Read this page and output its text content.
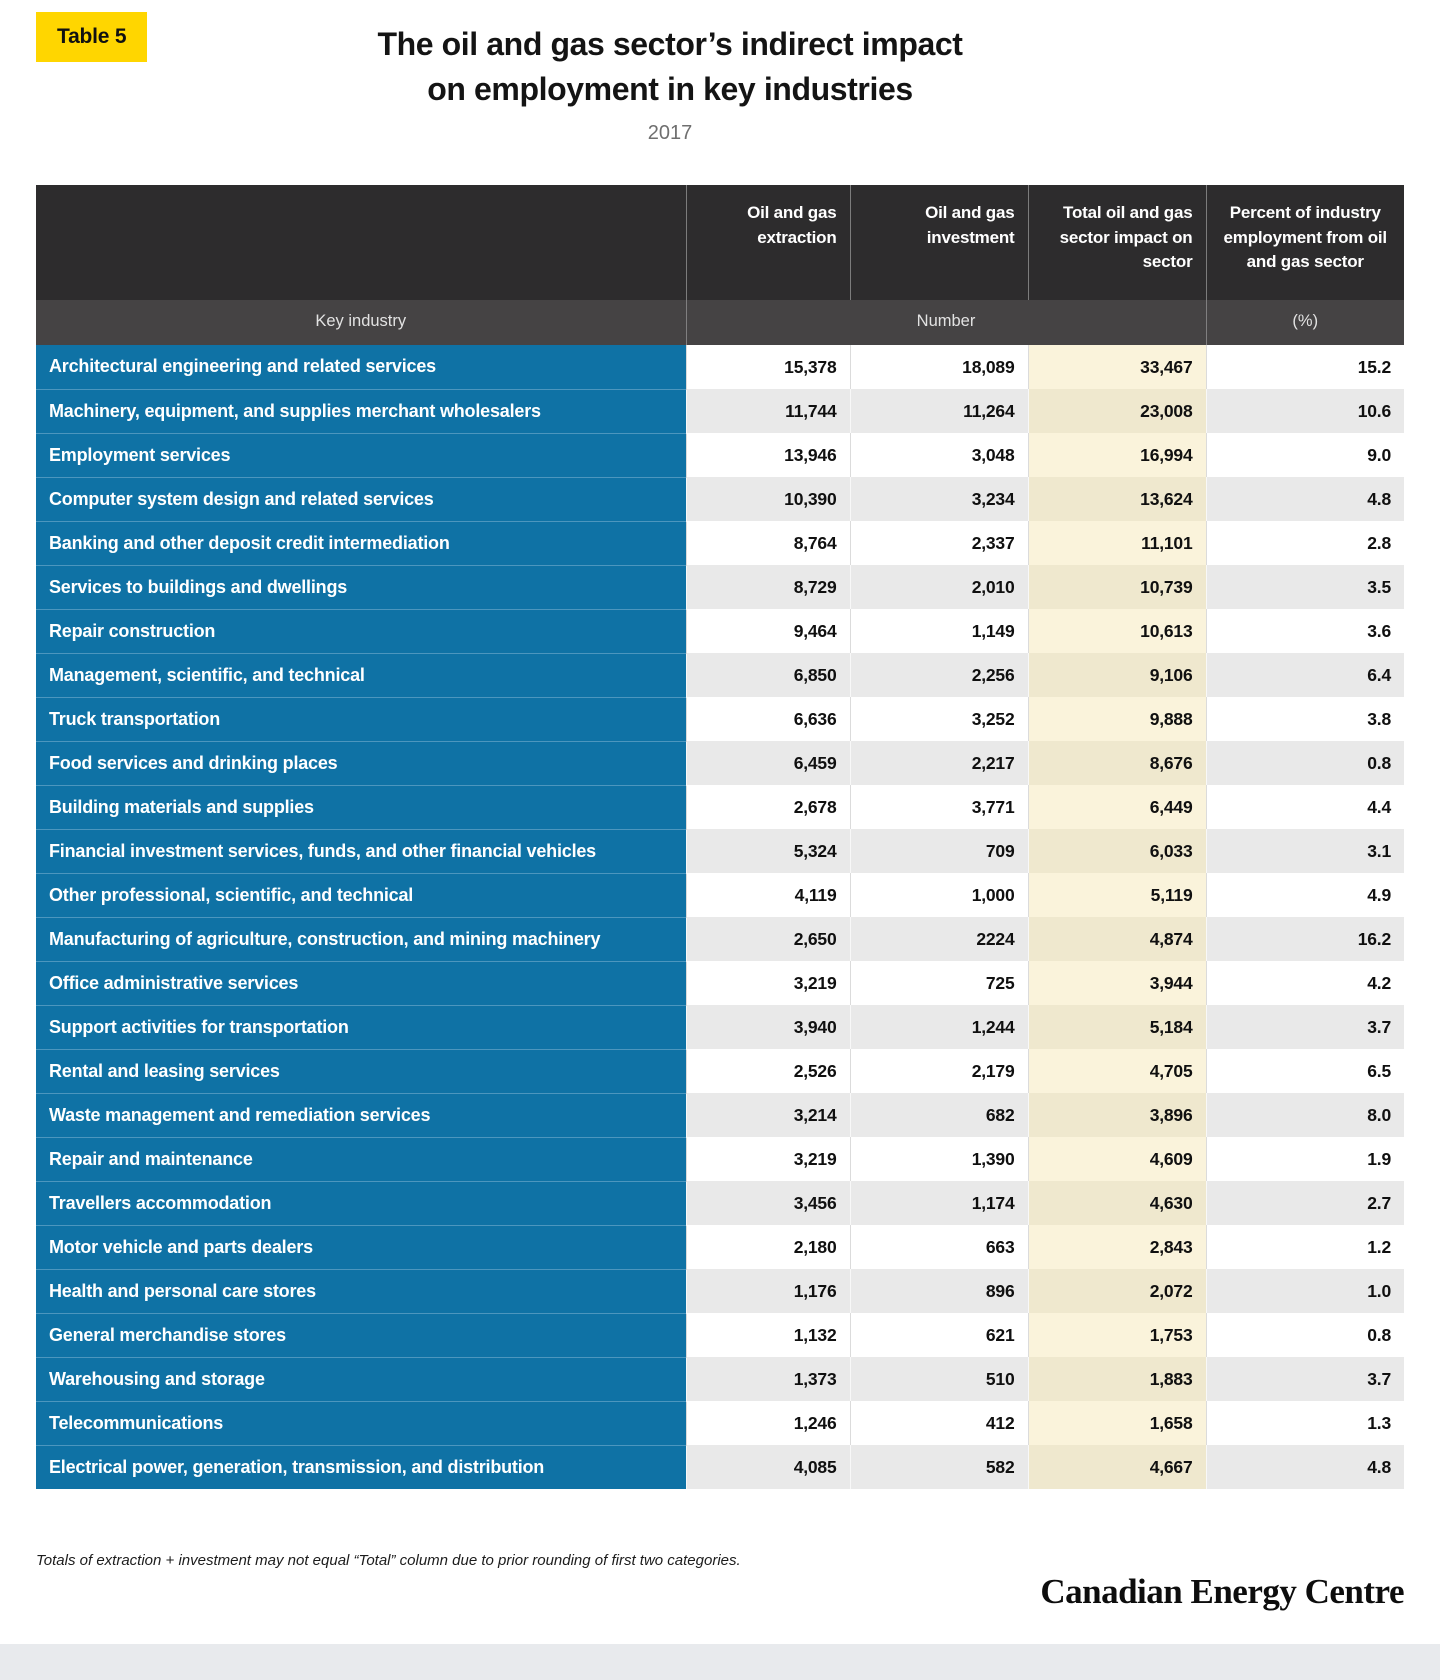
Table 5	The oil and gas sector’s indirect impact
on employment in key industries
2017
	Oil and gas extraction	Oil and gas investment	Total oil and gas sector impact on sector	Percent of industry employment from oil and gas sector
Key industry	Number			(%)
Architectural engineering and related services	15,378	18,089	33,467	15.2
Machinery, equipment, and supplies merchant wholesalers	11,744	11,264	23,008	10.6
Employment services	13,946	3,048	16,994	9.0
Computer system design and related services	10,390	3,234	13,624	4.8
Banking and other deposit credit intermediation	8,764	2,337	11,101	2.8
Services to buildings and dwellings	8,729	2,010	10,739	3.5
Repair construction	9,464	1,149	10,613	3.6
Management, scientific, and technical	6,850	2,256	9,106	6.4
Truck transportation	6,636	3,252	9,888	3.8
Food services and drinking places	6,459	2,217	8,676	0.8
Building materials and supplies	2,678	3,771	6,449	4.4
Financial investment services, funds, and other financial vehicles	5,324	709	6,033	3.1
Other professional, scientific, and technical	4,119	1,000	5,119	4.9
Manufacturing of agriculture, construction, and mining machinery	2,650	2224	4,874	16.2
Office administrative services	3,219	725	3,944	4.2
Support activities for transportation	3,940	1,244	5,184	3.7
Rental and leasing services	2,526	2,179	4,705	6.5
Waste management and remediation services	3,214	682	3,896	8.0
Repair and maintenance	3,219	1,390	4,609	1.9
Travellers accommodation	3,456	1,174	4,630	2.7
Motor vehicle and parts dealers	2,180	663	2,843	1.2
Health and personal care stores	1,176	896	2,072	1.0
General merchandise stores	1,132	621	1,753	0.8
Warehousing and storage	1,373	510	1,883	3.7
Telecommunications	1,246	412	1,658	1.3
Electrical power, generation, transmission, and distribution	4,085	582	4,667	4.8
Totals of extraction + investment may not equal “Total” column due to prior rounding of first two categories.
Canadian Energy Centre
